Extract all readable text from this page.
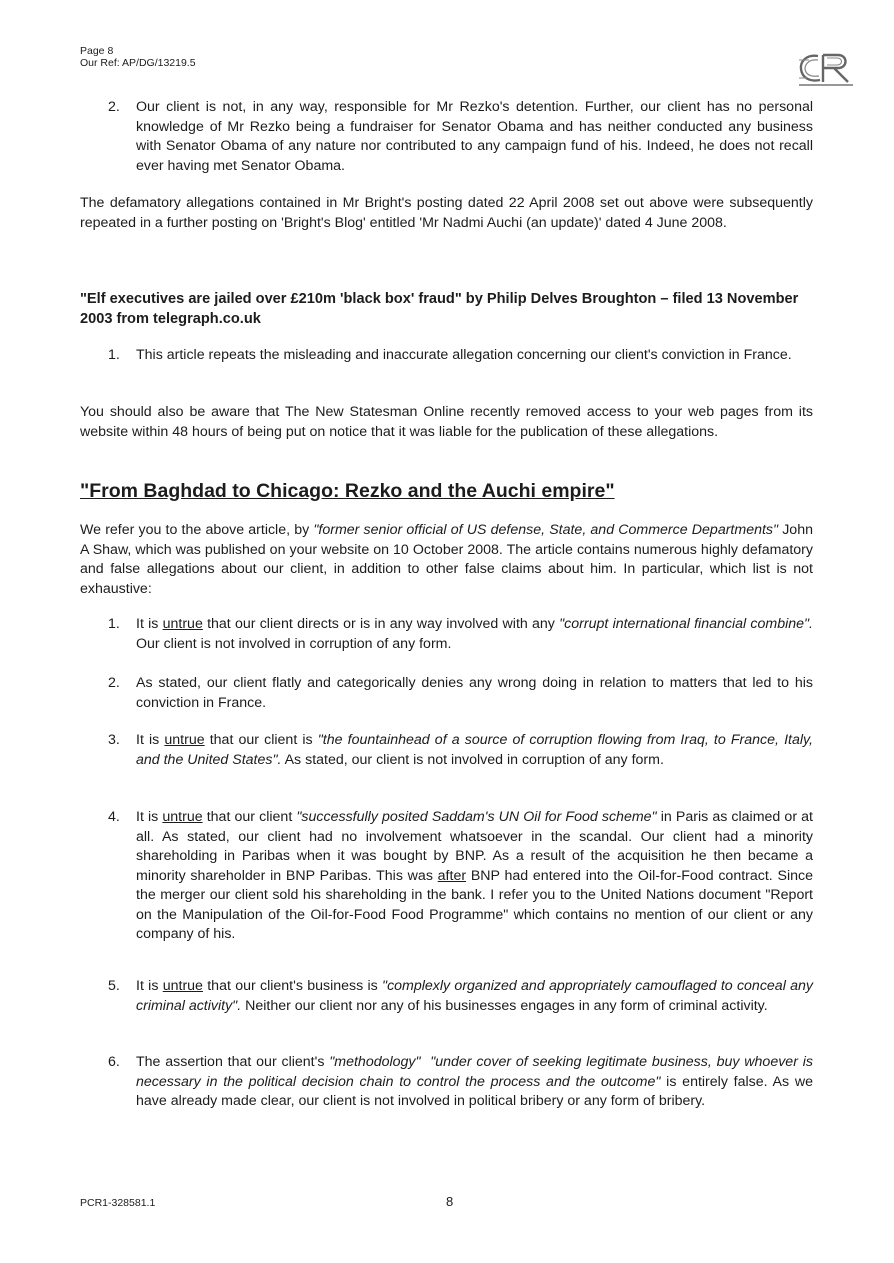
Page 8
Our Ref: AP/DG/13219.5
2.	Our client is not, in any way, responsible for Mr Rezko's detention. Further, our client has no personal knowledge of Mr Rezko being a fundraiser for Senator Obama and has neither conducted any business with Senator Obama of any nature nor contributed to any campaign fund of his. Indeed, he does not recall ever having met Senator Obama.
The defamatory allegations contained in Mr Bright's posting dated 22 April 2008 set out above were subsequently repeated in a further posting on 'Bright's Blog' entitled 'Mr Nadmi Auchi (an update)' dated 4 June 2008.
"Elf executives are jailed over £210m 'black box' fraud" by Philip Delves Broughton – filed 13 November 2003 from telegraph.co.uk
1.	This article repeats the misleading and inaccurate allegation concerning our client's conviction in France.
You should also be aware that The New Statesman Online recently removed access to your web pages from its website within 48 hours of being put on notice that it was liable for the publication of these allegations.
"From Baghdad to Chicago: Rezko and the Auchi empire"
We refer you to the above article, by "former senior official of US defense, State, and Commerce Departments" John A Shaw, which was published on your website on 10 October 2008. The article contains numerous highly defamatory and false allegations about our client, in addition to other false claims about him. In particular, which list is not exhaustive:
1.	It is untrue that our client directs or is in any way involved with any "corrupt international financial combine". Our client is not involved in corruption of any form.
2.	As stated, our client flatly and categorically denies any wrong doing in relation to matters that led to his conviction in France.
3.	It is untrue that our client is "the fountainhead of a source of corruption flowing from Iraq, to France, Italy, and the United States". As stated, our client is not involved in corruption of any form.
4.	It is untrue that our client "successfully posited Saddam's UN Oil for Food scheme" in Paris as claimed or at all. As stated, our client had no involvement whatsoever in the scandal. Our client had a minority shareholding in Paribas when it was bought by BNP. As a result of the acquisition he then became a minority shareholder in BNP Paribas. This was after BNP had entered into the Oil-for-Food contract. Since the merger our client sold his shareholding in the bank. I refer you to the United Nations document "Report on the Manipulation of the Oil-for-Food Food Programme" which contains no mention of our client or any company of his.
5.	It is untrue that our client's business is "complexly organized and appropriately camouflaged to conceal any criminal activity". Neither our client nor any of his businesses engages in any form of criminal activity.
6.	The assertion that our client's "methodology" "under cover of seeking legitimate business, buy whoever is necessary in the political decision chain to control the process and the outcome" is entirely false. As we have already made clear, our client is not involved in political bribery or any form of bribery.
PCR1-328581.1	8
